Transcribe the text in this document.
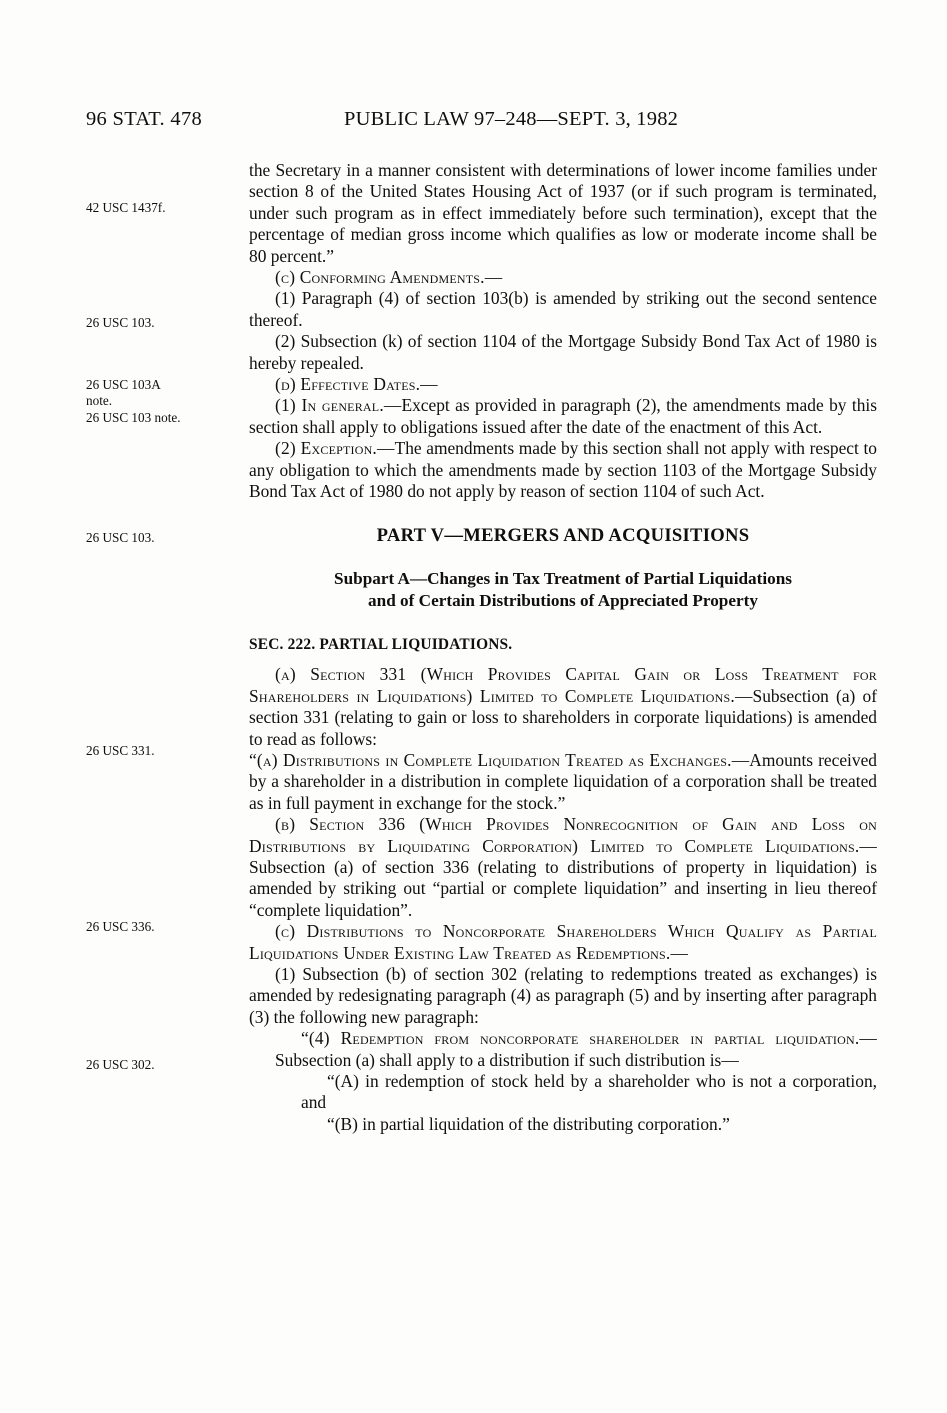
96 STAT. 478	PUBLIC LAW 97–248—SEPT. 3, 1982
42 USC 1437f.
26 USC 103.
26 USC 103A
note.
26 USC 103 note.
26 USC 103.
26 USC 331.
26 USC 336.
26 USC 302.

the Secretary in a manner consistent with determinations of lower income families under section 8 of the United States Housing Act of 1937 (or if such program is terminated, under such program as in effect immediately before such termination), except that the percentage of median gross income which qualifies as low or moderate income shall be 80 percent.”

(c) Conforming Amendments.—

(1) Paragraph (4) of section 103(b) is amended by striking out the second sentence thereof.

(2) Subsection (k) of section 1104 of the Mortgage Subsidy Bond Tax Act of 1980 is hereby repealed.

(d) Effective Dates.—

(1) In general.—Except as provided in paragraph (2), the amendments made by this section shall apply to obligations issued after the date of the enactment of this Act.

(2) Exception.—The amendments made by this section shall not apply with respect to any obligation to which the amendments made by section 1103 of the Mortgage Subsidy Bond Tax Act of 1980 do not apply by reason of section 1104 of such Act.

PART V—MERGERS AND ACQUISITIONS

Subpart A—Changes in Tax Treatment of Partial Liquidations

and of Certain Distributions of Appreciated Property

SEC. 222. PARTIAL LIQUIDATIONS.

(a) Section 331 (Which Provides Capital Gain or Loss Treatment for Shareholders in Liquidations) Limited to Complete Liquidations.—Subsection (a) of section 331 (relating to gain or loss to shareholders in corporate liquidations) is amended to read as follows:

“(a) Distributions in Complete Liquidation Treated as Exchanges.—Amounts received by a shareholder in a distribution in complete liquidation of a corporation shall be treated as in full payment in exchange for the stock.”

(b) Section 336 (Which Provides Nonrecognition of Gain and Loss on Distributions by Liquidating Corporation) Limited to Complete Liquidations.—Subsection (a) of section 336 (relating to distributions of property in liquidation) is amended by striking out “partial or complete liquidation” and inserting in lieu thereof “complete liquidation”.

(c) Distributions to Noncorporate Shareholders Which Qualify as Partial Liquidations Under Existing Law Treated as Redemptions.—

(1) Subsection (b) of section 302 (relating to redemptions treated as exchanges) is amended by redesignating paragraph (4) as paragraph (5) and by inserting after paragraph (3) the following new paragraph:

“(4) Redemption from noncorporate shareholder in partial liquidation.—Subsection (a) shall apply to a distribution if such distribution is—

“(A) in redemption of stock held by a shareholder who is not a corporation, and

“(B) in partial liquidation of the distributing corporation.”
